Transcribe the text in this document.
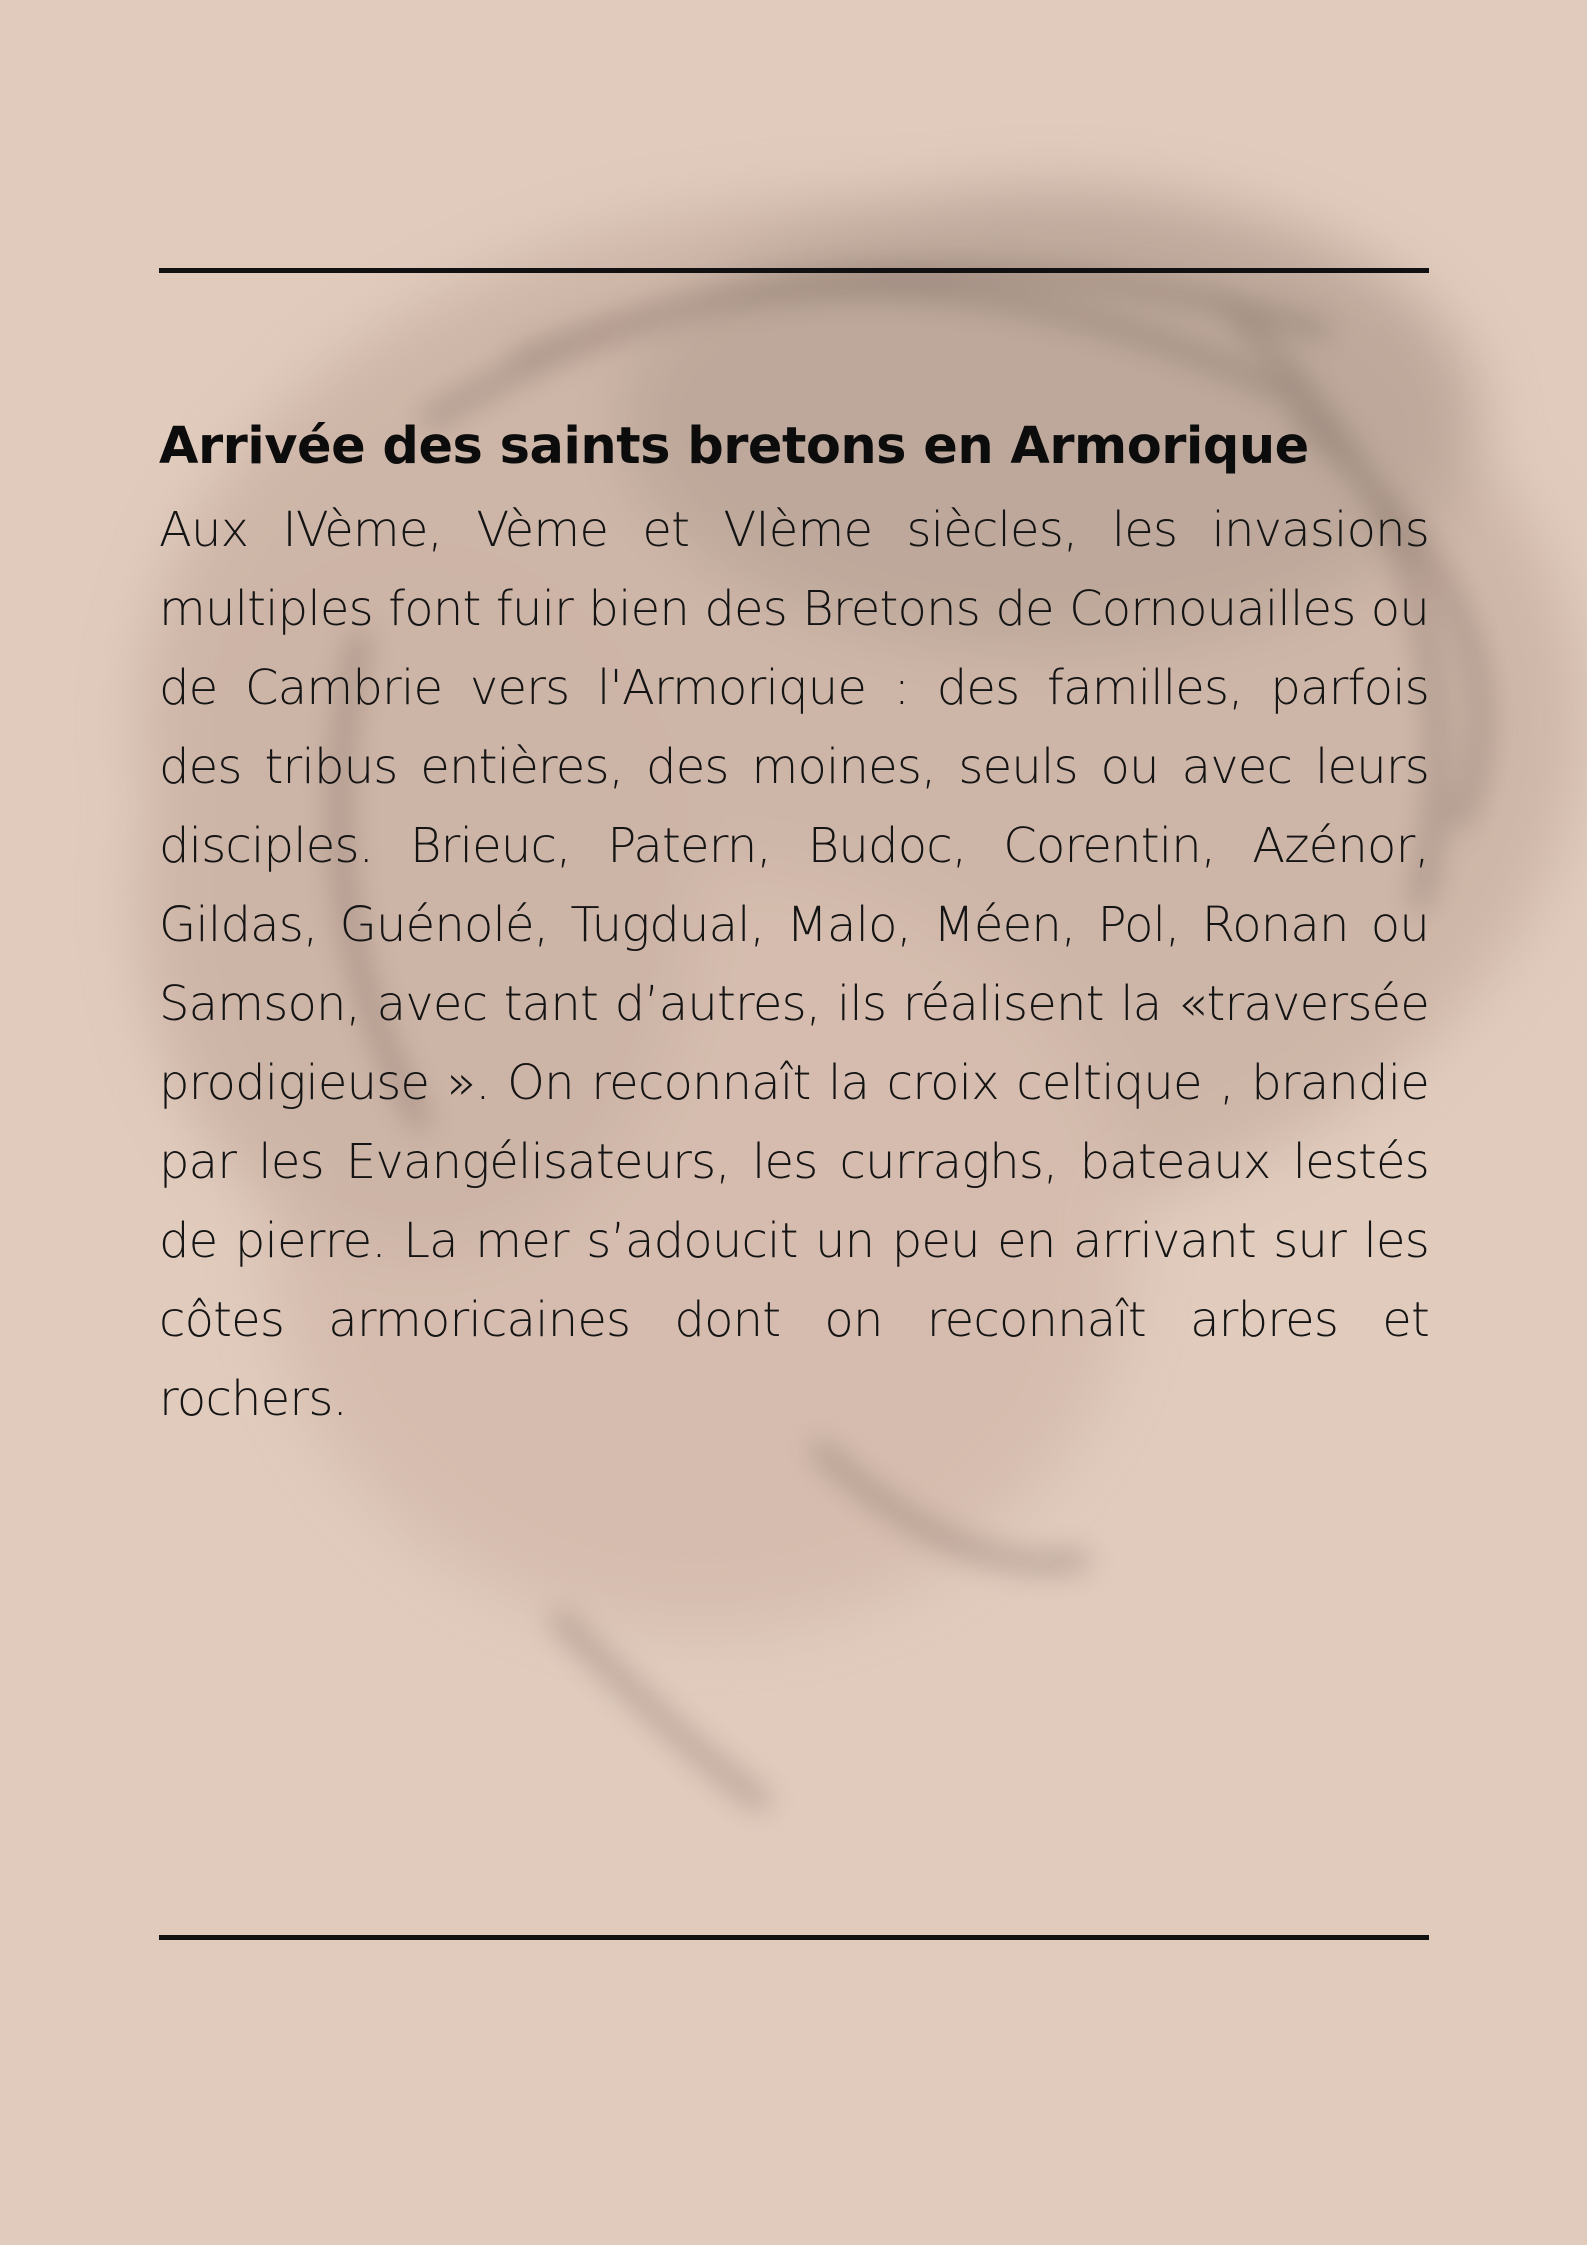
Arrivée des saints bretons en Armorique

Aux IVème, Vème et VIème siècles, les invasions multiples font fuir bien des Bretons de Cornouailles ou de Cambrie vers l'Armorique : des familles, parfois des tribus entières, des moines, seuls ou avec leurs disciples. Brieuc, Patern, Budoc, Corentin, Azénor, Gildas, Guénolé, Tugdual, Malo, Méen, Pol, Ronan ou Samson, avec tant d’autres, ils réalisent la «traversée prodigieuse ». On reconnaît la croix celtique , brandie par les Evangélisateurs, les curraghs, bateaux lestés de pierre. La mer s’adoucit un peu en arrivant sur les côtes armoricaines dont on reconnaît arbres et rochers.
